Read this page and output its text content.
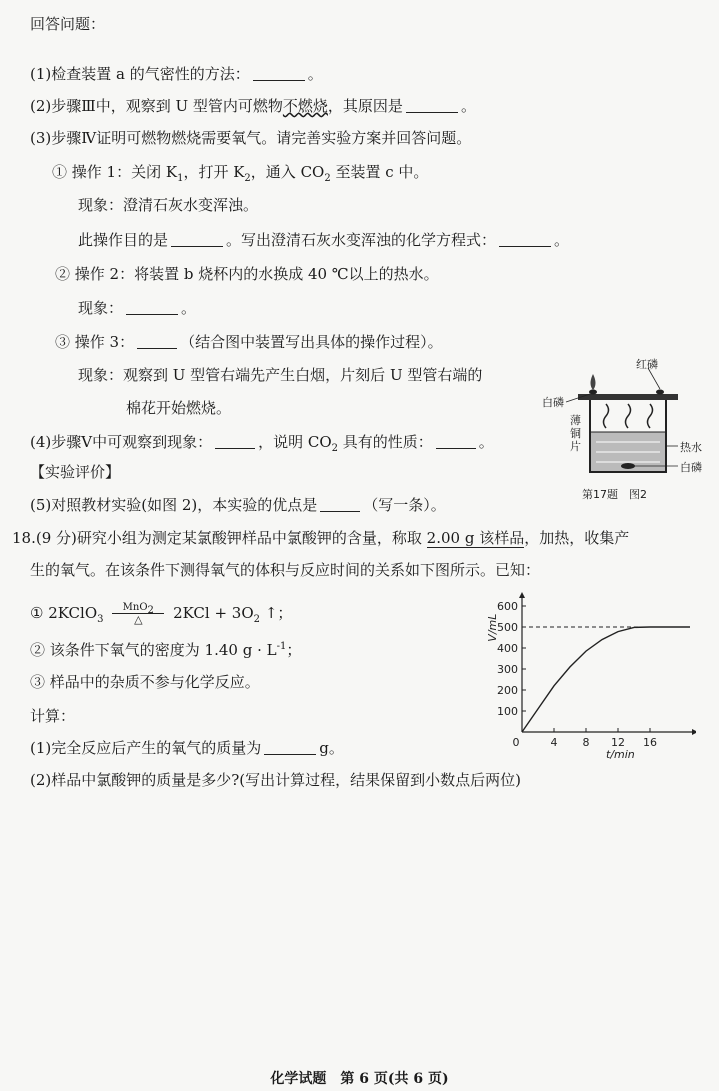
回答问题：
(1)检查装置 a 的气密性的方法：	。
(2)步骤Ⅲ中，观察到 U 型管内可燃物不燃烧，其原因是	。
(3)步骤Ⅳ证明可燃物燃烧需要氧气。请完善实验方案并回答问题。
① 操作 1：关闭 $K_1$，打开 $K_2$，通入 $CO_2$ 至装置 c 中。
现象：澄清石灰水变浑浊。
此操作目的是	。写出澄清石灰水变浑浊的化学方程式：	。
② 操作 2：将装置 b 烧杯内的水换成 40 ℃以上的热水。
现象：	。
③ 操作 3：	（结合图中装置写出具体的操作过程）。
现象：观察到 U 型管右端先产生白烟，片刻后 U 型管右端的
棉花开始燃烧。
(4)步骤Ⅴ中可观察到现象：	，说明 $CO_2$ 具有的性质：	。
【实验评价】
(5)对照教材实验(如图 2)，本实验的优点是	（写一条）。
18.(9 分)研究小组为测定某氯酸钾样品中氯酸钾的含量，称取 2.00 g 该样品，加热，收集产
生的氧气。在该条件下测得氧气的体积与反应时间的关系如下图所示。已知：
① 2KClO$_3$ $\frac{MnO_2}{\triangle} 2KCl + 3O_2$ ↑；
② 该条件下氧气的密度为 1.40 $g \cdot L^{-1}$；
③ 样品中的杂质不参与化学反应。
计算：
(1)完全反应后产生的氧气的质量为	g。
(2)样品中氯酸钾的质量是多少?(写出计算过程，结果保留到小数点后两位)
红磷
白磷
薄
铜
片	热水
白磷
第17题　图2
100
200
300
400
500
600
0	4 8 12 16
V/mL
t/min
化学试题　第 6 页(共 6 页)
